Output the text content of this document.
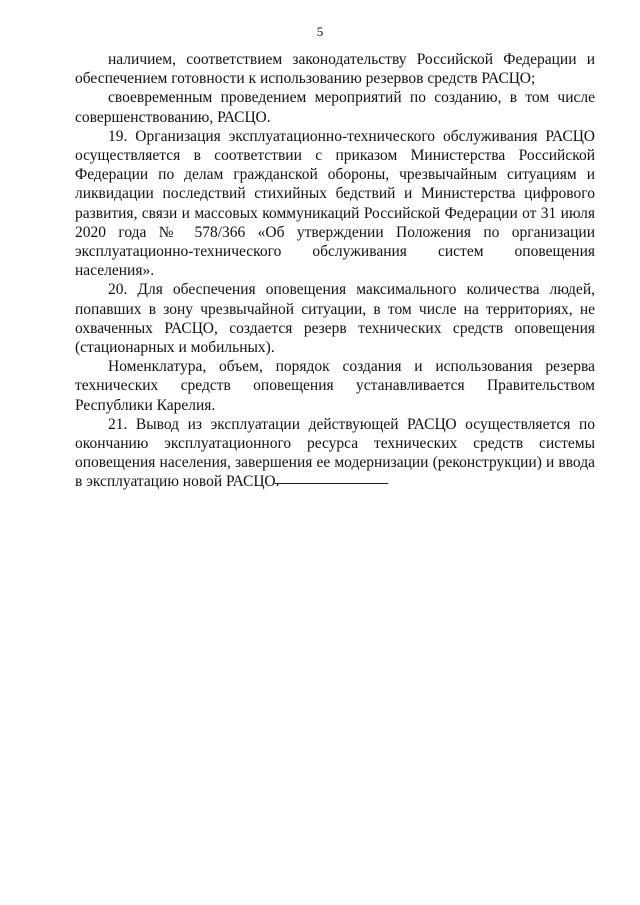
5

наличием, соответствием законодательству Российской Федерации и обеспечением готовности к использованию резервов средств РАСЦО;

своевременным проведением мероприятий по созданию, в том числе совершенствованию, РАСЦО.

19. Организация эксплуатационно-технического обслуживания РАСЦО осуществляется в соответствии с приказом Министерства Российской Федерации по делам гражданской обороны, чрезвычайным ситуациям и ликвидации последствий стихийных бедствий и Министерства цифрового развития, связи и массовых коммуникаций Российской Федерации от 31 июля 2020 года № 578/366 «Об утверждении Положения по организации эксплуатационно-технического обслуживания систем оповещения населения».

20. Для обеспечения оповещения максимального количества людей, попавших в зону чрезвычайной ситуации, в том числе на территориях, не охваченных РАСЦО, создается резерв технических средств оповещения (стационарных и мобильных).

Номенклатура, объем, порядок создания и использования резерва технических средств оповещения устанавливается Правительством Республики Карелия.

21. Вывод из эксплуатации действующей РАСЦО осуществляется по окончанию эксплуатационного ресурса технических средств системы оповещения населения, завершения ее модернизации (реконструкции) и ввода в эксплуатацию новой РАСЦО.
